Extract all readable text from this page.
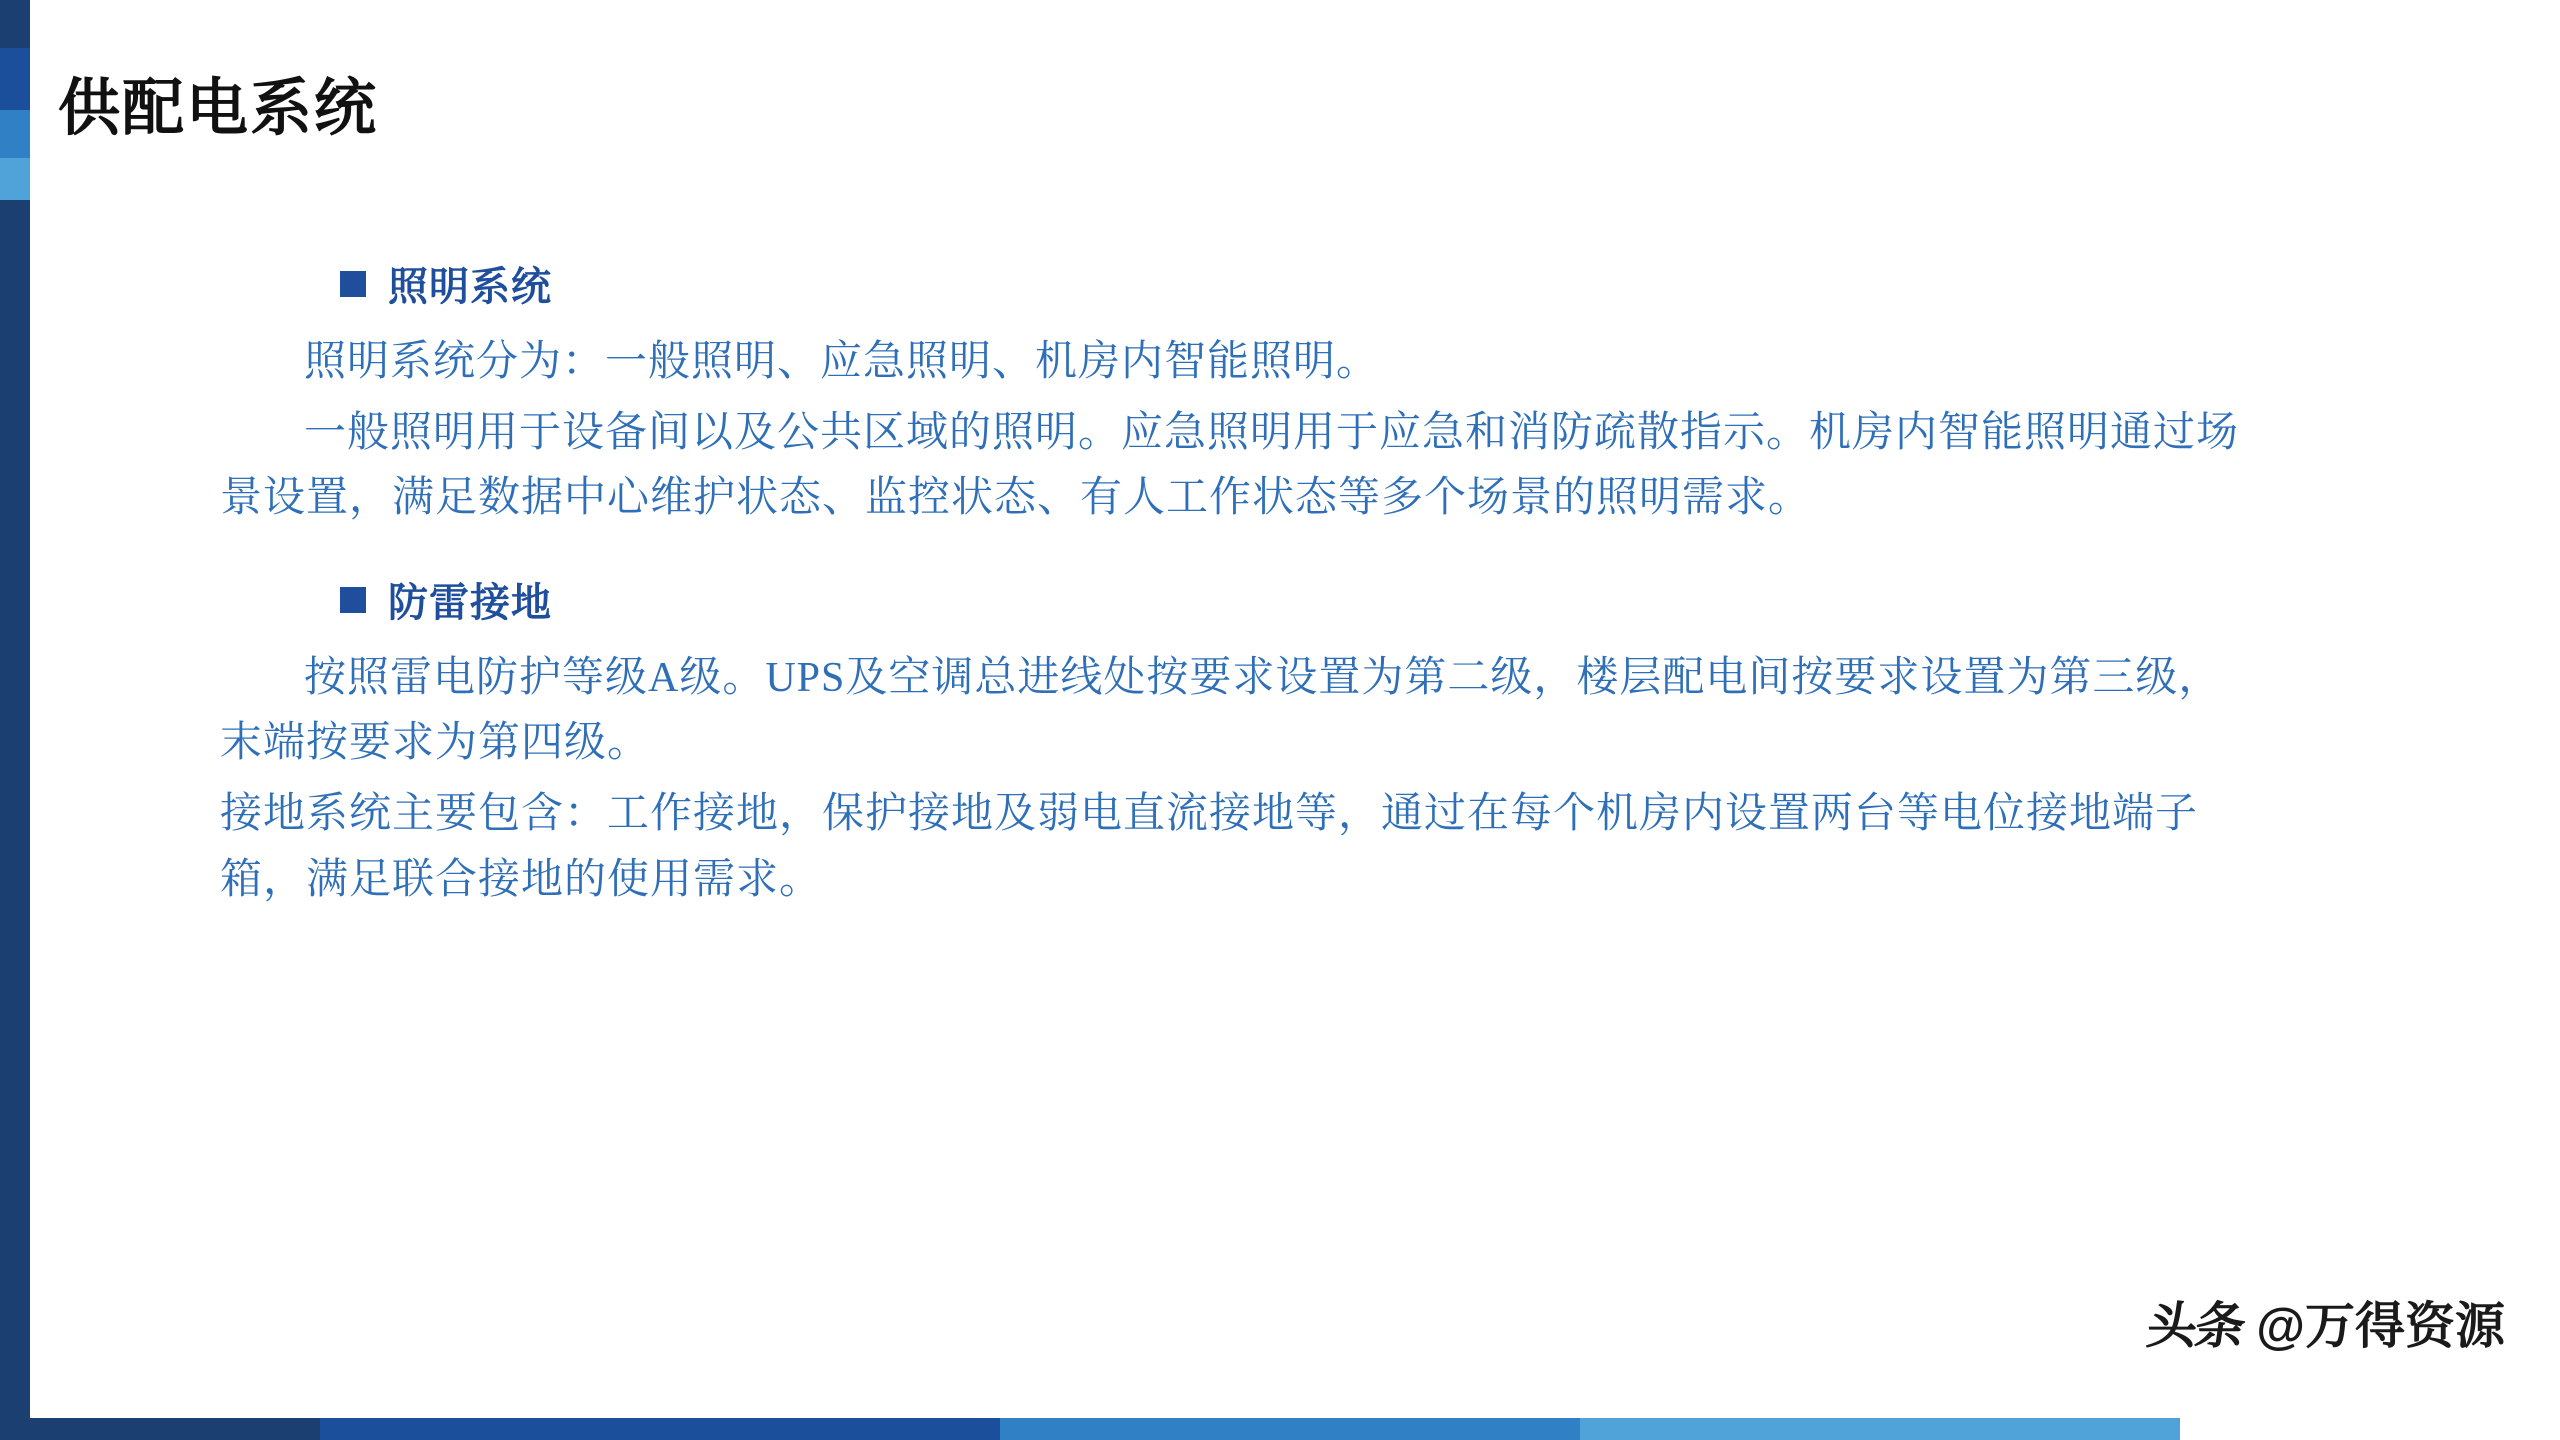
供配电系统
照明系统

照明系统分为：一般照明、应急照明、机房内智能照明。

一般照明用于设备间以及公共区域的照明。应急照明用于应急和消防疏散指示。机房内智能照明通过场景设置，满足数据中心维护状态、监控状态、有人工作状态等多个场景的照明需求。

防雷接地

按照雷电防护等级A级。UPS及空调总进线处按要求设置为第二级，楼层配电间按要求设置为第三级，末端按要求为第四级。

接地系统主要包含：工作接地，保护接地及弱电直流接地等，通过在每个机房内设置两台等电位接地端子箱，满足联合接地的使用需求。

头条 @万得资源
